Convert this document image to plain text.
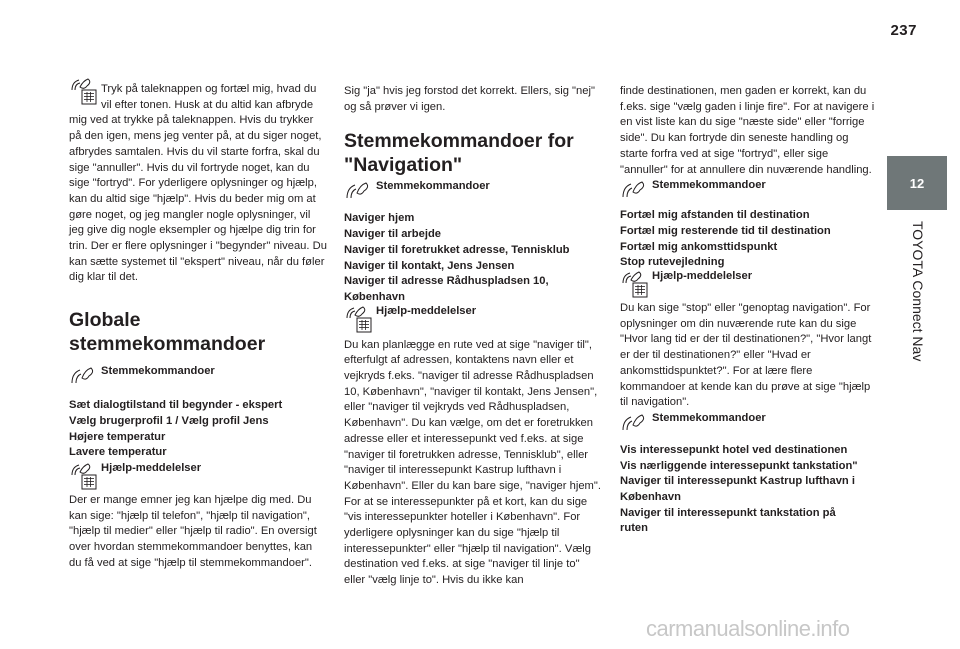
237
12
TOYOTA Connect Nav

Tryk på taleknappen og fortæl mig, hvad du vil efter tonen. Husk at du altid kan afbryde mig ved at trykke på taleknappen. Hvis du trykker på den igen, mens jeg venter på, at du siger noget, afbrydes samtalen. Hvis du vil starte forfra, skal du sige "annuller". Hvis du vil fortryde noget, kan du sige "fortryd". For yderligere oplysninger og hjælp, kan du altid sige "hjælp". Hvis du beder mig om at gøre noget, og jeg mangler nogle oplysninger, vil jeg give dig nogle eksempler og hjælpe dig trin for trin. Der er flere oplysninger i "begynder" niveau. Du kan sætte systemet til "ekspert" niveau, når du føler dig klar til det.

Globale
stemmekommandoer
Stemmekommandoer

Sæt dialogtilstand til begynder - ekspert

Vælg brugerprofil 1 / Vælg profil Jens

Højere temperatur

Lavere temperatur

Hjælp-meddelelser

Der er mange emner jeg kan hjælpe dig med. Du kan sige: "hjælp til telefon", "hjælp til navigation", "hjælp til medier" eller "hjælp til radio". En oversigt over hvordan stemmekommandoer benyttes, kan du få ved at sige "hjælp til stemmekommandoer".

Sig "ja" hvis jeg forstod det korrekt. Ellers, sig "nej" og så prøver vi igen.

Stemmekommandoer for
"Navigation"
Stemmekommandoer

Naviger hjem

Naviger til arbejde

Naviger til foretrukket adresse, Tennisklub

Naviger til kontakt, Jens Jensen

Naviger til adresse Rådhuspladsen 10,

København

Hjælp-meddelelser

Du kan planlægge en rute ved at sige "naviger til", efterfulgt af adressen, kontaktens navn eller et vejkryds f.eks. "naviger til adresse Rådhuspladsen 10, København", "naviger til kontakt, Jens Jensen", eller "naviger til vejkryds ved Rådhuspladsen, København". Du kan vælge, om det er foretrukken adresse eller et interessepunkt ved f.eks. at sige "naviger til foretrukken adresse, Tennisklub", eller "naviger til interessepunkt Kastrup lufthavn i København". Eller du kan bare sige, "naviger hjem". For at se interessepunkter på et kort, kan du sige "vis interessepunkter hoteller i København". For yderligere oplysninger kan du sige "hjælp til interessepunkter" eller "hjælp til navigation". Vælg destination ved f.eks. at sige "naviger til linje to" eller "vælg linje to". Hvis du ikke kan

finde destinationen, men gaden er korrekt, kan du f.eks. sige "vælg gaden i linje fire". For at navigere i en vist liste kan du sige "næste side" eller "forrige side". Du kan fortryde din seneste handling og starte forfra ved at sige "fortryd", eller sige "annuller" for at annullere din nuværende handling.

Stemmekommandoer

Fortæl mig afstanden til destination

Fortæl mig resterende tid til destination

Fortæl mig ankomsttidspunkt

Stop rutevejledning

Hjælp-meddelelser

Du kan sige "stop" eller "genoptag navigation". For oplysninger om din nuværende rute kan du sige "Hvor lang tid er der til destinationen?", "Hvor langt er der til destinationen?" eller "Hvad er ankomsttidspunktet?". For at lære flere kommandoer at kende kan du prøve at sige "hjælp til navigation".

Stemmekommandoer

Vis interessepunkt hotel ved destinationen

Vis nærliggende interessepunkt tankstation"

Naviger til interessepunkt Kastrup lufthavn i

København

Naviger til interessepunkt tankstation på

ruten

carmanualsonline.info
